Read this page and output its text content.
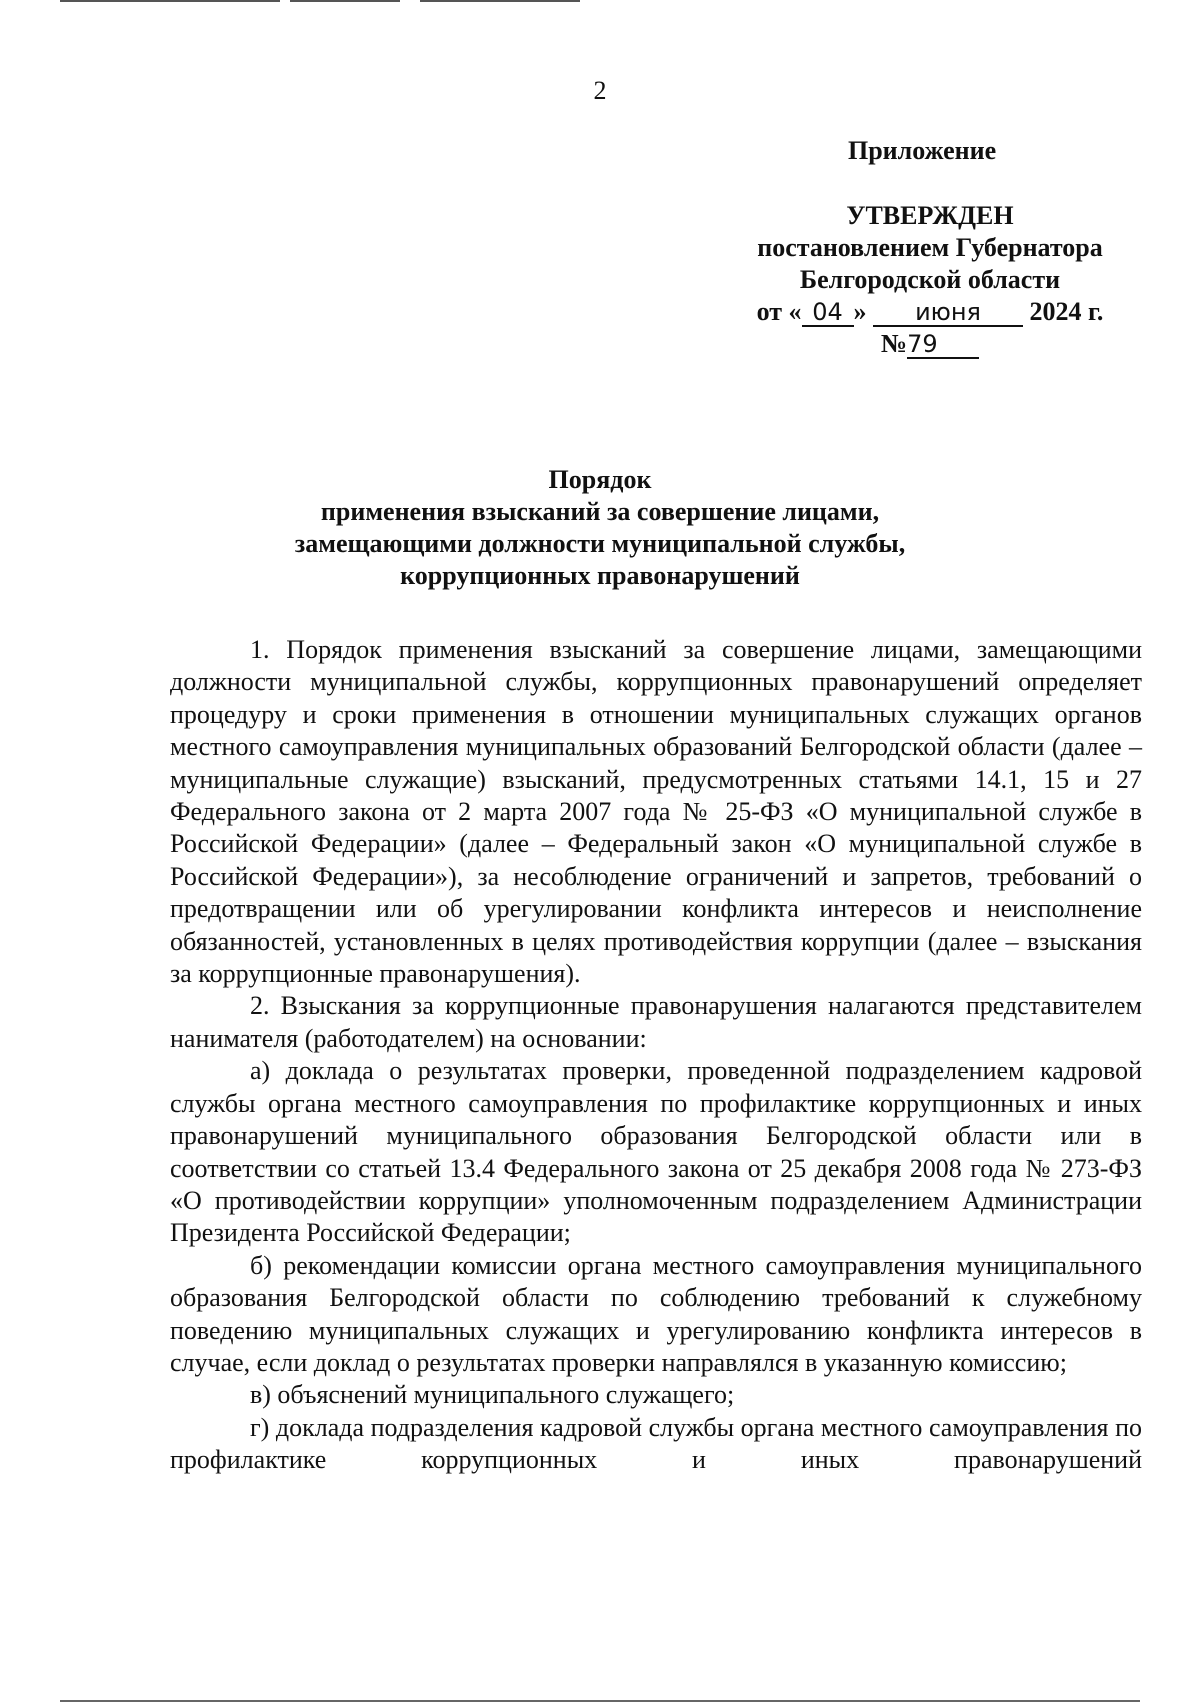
2
Приложение
УТВЕРЖДЕН
постановлением Губернатора
Белгородской области
от « 04 » июня 2024 г.
№79
Порядок
применения взысканий за совершение лицами,
замещающими должности муниципальной службы,
коррупционных правонарушений

1. Порядок применения взысканий за совершение лицами, замещающими должности муниципальной службы, коррупционных правонарушений определяет процедуру и сроки применения в отношении муниципальных служащих органов местного самоуправления муниципальных образований Белгородской области (далее – муниципальные служащие) взысканий, предусмотренных статьями 14.1, 15 и 27 Федерального закона от 2 марта 2007 года № 25-ФЗ «О муниципальной службе в Российской Федерации» (далее – Федеральный закон «О муниципальной службе в Российской Федерации»), за несоблюдение ограничений и запретов, требований о предотвращении или об урегулировании конфликта интересов и неисполнение обязанностей, установленных в целях противодействия коррупции (далее – взыскания за коррупционные правонарушения).

2. Взыскания за коррупционные правонарушения налагаются представителем нанимателя (работодателем) на основании:

а) доклада о результатах проверки, проведенной подразделением кадровой службы органа местного самоуправления по профилактике коррупционных и иных правонарушений муниципального образования Белгородской области или в соответствии со статьей 13.4 Федерального закона от 25 декабря 2008 года № 273-ФЗ «О противодействии коррупции» уполномоченным подразделением Администрации Президента Российской Федерации;

б) рекомендации комиссии органа местного самоуправления муниципального образования Белгородской области по соблюдению требований к служебному поведению муниципальных служащих и урегулированию конфликта интересов в случае, если доклад о результатах проверки направлялся в указанную комиссию;

в) объяснений муниципального служащего;

г) доклада подразделения кадровой службы органа местного самоуправления по профилактике коррупционных и иных правонарушений
